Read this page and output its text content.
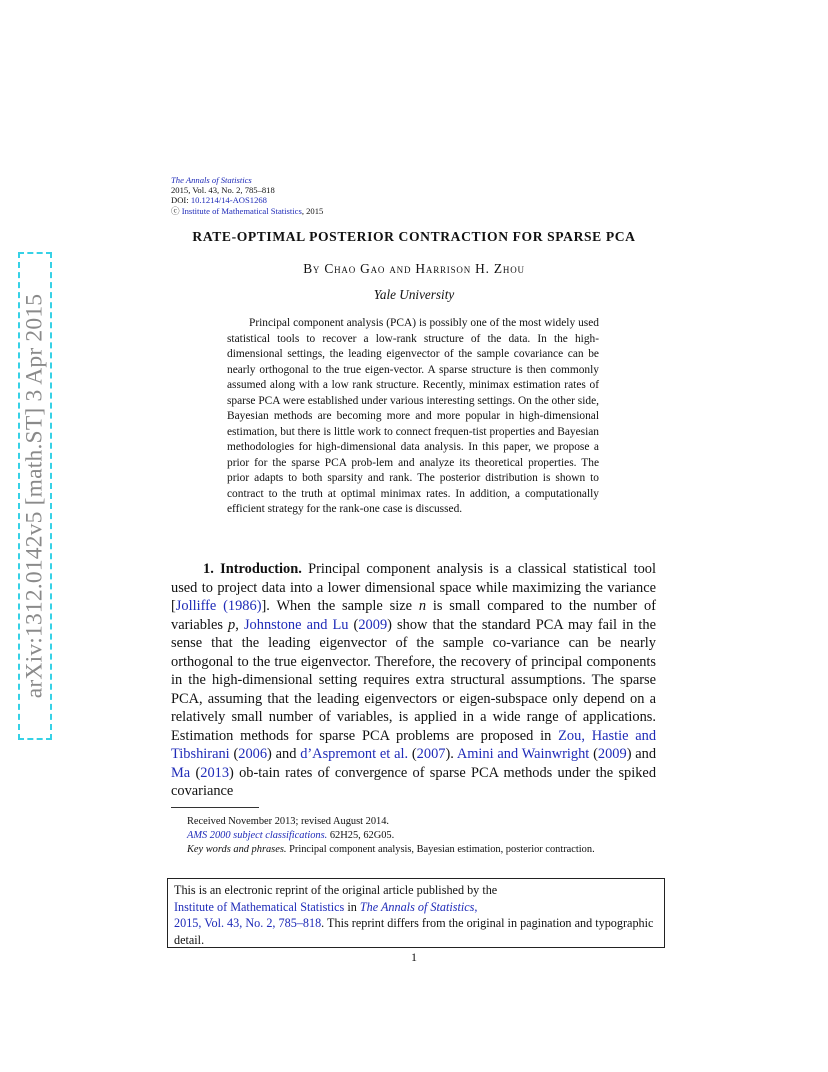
arXiv:1312.0142v5 [math.ST] 3 Apr 2015
The Annals of Statistics
2015, Vol. 43, No. 2, 785–818
DOI: 10.1214/14-AOS1268
ⓒ Institute of Mathematical Statistics, 2015
RATE-OPTIMAL POSTERIOR CONTRACTION FOR SPARSE PCA
By Chao Gao and Harrison H. Zhou
Yale University
Principal component analysis (PCA) is possibly one of the most widely used statistical tools to recover a low-rank structure of the data. In the high-dimensional settings, the leading eigenvector of the sample covariance can be nearly orthogonal to the true eigen-vector. A sparse structure is then commonly assumed along with a low rank structure. Recently, minimax estimation rates of sparse PCA were established under various interesting settings. On the other side, Bayesian methods are becoming more and more popular in high-dimensional estimation, but there is little work to connect frequen-tist properties and Bayesian methodologies for high-dimensional data analysis. In this paper, we propose a prior for the sparse PCA prob-lem and analyze its theoretical properties. The prior adapts to both sparsity and rank. The posterior distribution is shown to contract to the truth at optimal minimax rates. In addition, a computationally efficient strategy for the rank-one case is discussed.
1. Introduction. Principal component analysis is a classical statistical tool used to project data into a lower dimensional space while maximizing the variance [Jolliffe (1986)]. When the sample size n is small compared to the number of variables p, Johnstone and Lu (2009) show that the standard PCA may fail in the sense that the leading eigenvector of the sample co-variance can be nearly orthogonal to the true eigenvector. Therefore, the recovery of principal components in the high-dimensional setting requires extra structural assumptions. The sparse PCA, assuming that the leading eigenvectors or eigen-subspace only depend on a relatively small number of variables, is applied in a wide range of applications. Estimation methods for sparse PCA problems are proposed in Zou, Hastie and Tibshirani (2006) and d’Aspremont et al. (2007). Amini and Wainwright (2009) and Ma (2013) ob-tain rates of convergence of sparse PCA methods under the spiked covariance

Received November 2013; revised August 2014.

AMS 2000 subject classifications. 62H25, 62G05.

Key words and phrases. Principal component analysis, Bayesian estimation, posterior contraction.

This is an electronic reprint of the original article published by the
Institute of Mathematical Statistics in The Annals of Statistics,
2015, Vol. 43, No. 2, 785–818. This reprint differs from the original in pagination and typographic detail.
1
